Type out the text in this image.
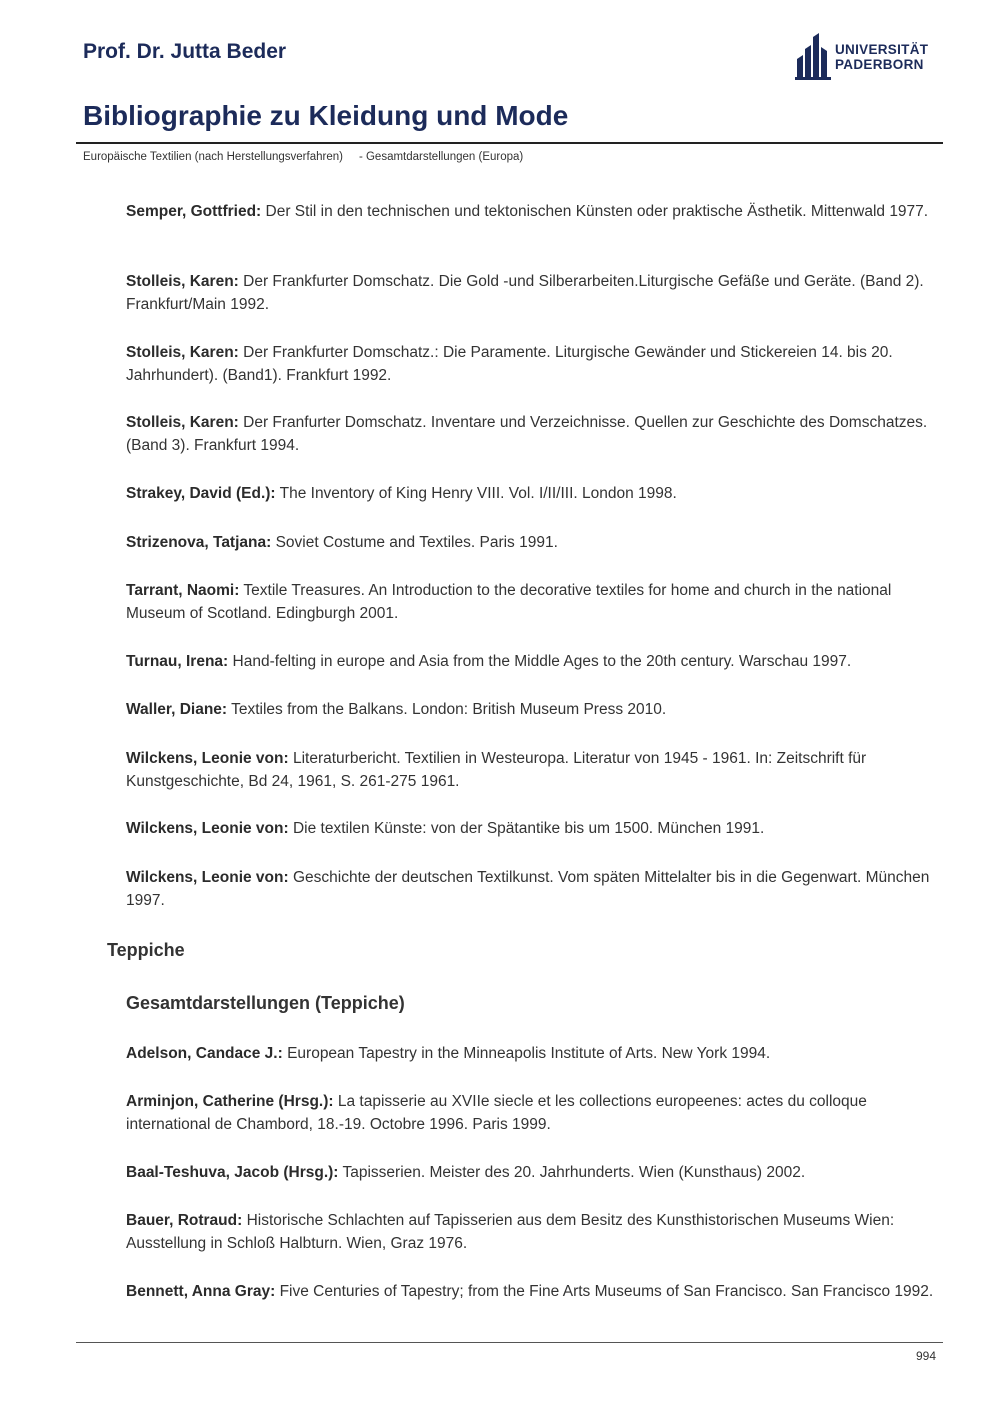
Prof. Dr. Jutta Beder	UNIVERSITÄT
PADERBORN
Bibliographie zu Kleidung und Mode
Europäische Textilien (nach Herstellungsverfahren) - Gesamtdarstellungen (Europa)
Semper, Gottfried: Der Stil in den technischen und tektonischen Künsten oder praktische Ästhetik. Mittenwald 1977.
Stolleis, Karen: Der Frankfurter Domschatz. Die Gold -und Silberarbeiten.Liturgische Gefäße und Geräte. (Band 2). Frankfurt/Main 1992.
Stolleis, Karen: Der Frankfurter Domschatz.: Die Paramente. Liturgische Gewänder und Stickereien 14. bis 20. Jahrhundert). (Band1). Frankfurt 1992.
Stolleis, Karen: Der Franfurter Domschatz. Inventare und Verzeichnisse. Quellen zur Geschichte des Domschatzes. (Band 3). Frankfurt 1994.
Strakey, David (Ed.): The Inventory of King Henry VIII. Vol. I/II/III. London 1998.
Strizenova, Tatjana: Soviet Costume and Textiles. Paris 1991.
Tarrant, Naomi: Textile Treasures. An Introduction to the decorative textiles for home and church in the national Museum of Scotland. Edingburgh 2001.
Turnau, Irena: Hand-felting in europe and Asia from the Middle Ages to the 20th century. Warschau 1997.
Waller, Diane: Textiles from the Balkans. London: British Museum Press 2010.
Wilckens, Leonie von: Literaturbericht. Textilien in Westeuropa. Literatur von 1945 - 1961. In: Zeitschrift für Kunstgeschichte, Bd 24, 1961, S. 261-275 1961.
Wilckens, Leonie von: Die textilen Künste: von der Spätantike bis um 1500. München 1991.
Wilckens, Leonie von: Geschichte der deutschen Textilkunst. Vom späten Mittelalter bis in die Gegenwart. München 1997.
Teppiche
Gesamtdarstellungen (Teppiche)
Adelson, Candace J.: European Tapestry in the Minneapolis Institute of Arts. New York 1994.
Arminjon, Catherine (Hrsg.): La tapisserie au XVIIe siecle et les collections europeenes: actes du colloque international de Chambord, 18.-19. Octobre 1996. Paris 1999.
Baal-Teshuva, Jacob (Hrsg.): Tapisserien. Meister des 20. Jahrhunderts. Wien (Kunsthaus) 2002.
Bauer, Rotraud: Historische Schlachten auf Tapisserien aus dem Besitz des Kunsthistorischen Museums Wien: Ausstellung in Schloß Halbturn. Wien, Graz 1976.
Bennett, Anna Gray: Five Centuries of Tapestry; from the Fine Arts Museums of San Francisco. San Francisco 1992.
994
